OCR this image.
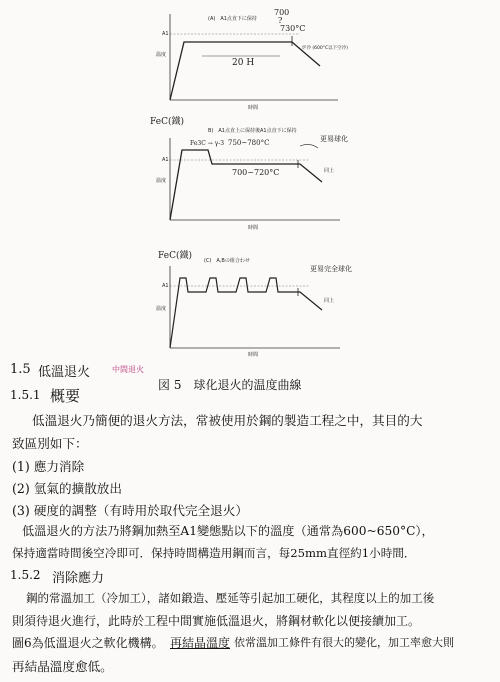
(A)　A1点直下に保持
A1
温度
時間
700
?
730°C
20 H
炉冷 (600°C以下空冷)
FeC(鐵)
B)　A1点直上に保持後A1点直下に保持
A1
温度
時間
Fe3C → γ-3 750~780°C
700~720°C
更易球化
同上
FeC(鐵) (C)　A,Bの組合わせ
A1
温度
時間
更易完全球化
同上
1.5 低溫退火	中間退火
図 5　球化退火的温度曲線
1.5.1 概要
低溫退火乃簡便的退火方法，常被使用於鋼的製造工程之中，其目的大
致區別如下：
(1) 應力消除
(2) 氫氣的擴散放出
(3) 硬度的調整（有時用於取代完全退火）
低溫退火的方法乃將鋼加熱至A1變態點以下的溫度（通常為600~650°C），
保持適當時間後空冷即可．保持時間構造用鋼而言，每25mm直徑約1小時間．
1.5.2 消除應力
鋼的常溫加工（冷加工），諸如鍛造、壓延等引起加工硬化，其程度以上的加工後
則須待退火進行，此時於工程中間實施低溫退火，將鋼材軟化以便接續加工。
圖6為低溫退火之軟化機構。 再結晶溫度 依常溫加工條件有很大的變化，加工率愈大則
再結晶溫度愈低。
